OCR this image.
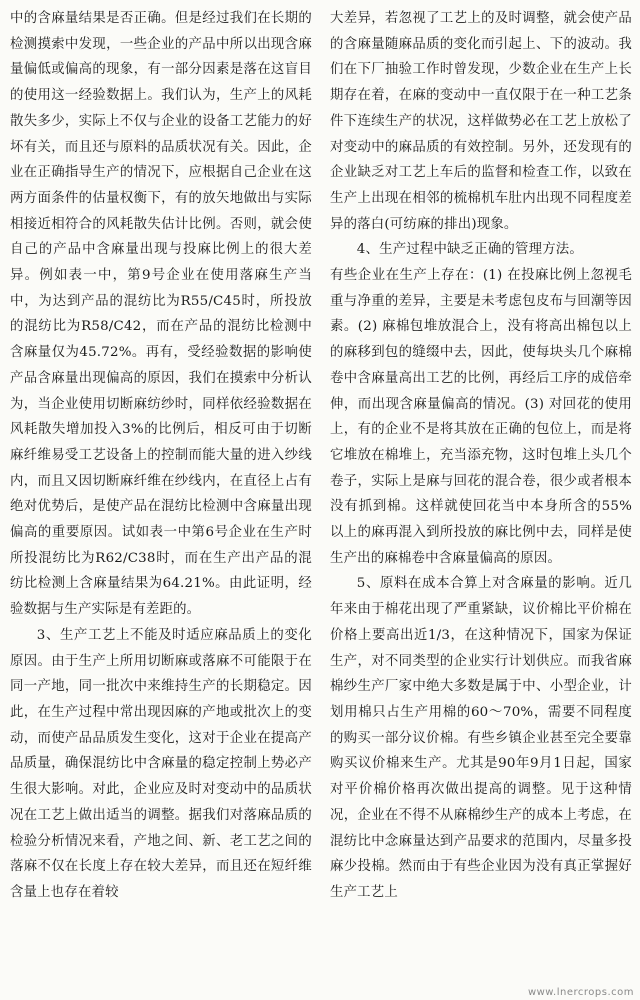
中的含麻量结果是否正确。但是经过我们在长期的检测摸索中发现，一些企业的产品中所以出现含麻量偏低或偏高的现象，有一部分因素是落在这盲目的使用这一经验数据上。我们认为，生产上的风耗散失多少，实际上不仅与企业的设备工艺能力的好坏有关，而且还与原料的品质状况有关。因此，企业在正确指导生产的情况下，应根据自己企业在这两方面条件的估量权衡下，有的放矢地做出与实际相接近相符合的风耗散失估计比例。否则，就会使自己的产品中含麻量出现与投麻比例上的很大差异。例如表一中，第9号企业在使用落麻生产当中，为达到产品的混纺比为R55/C45时，所投放的混纺比为R58/C42，而在产品的混纺比检测中含麻量仅为45.72%。再有，受经验数据的影响使产品含麻量出现偏高的原因，我们在摸索中分析认为，当企业使用切断麻纺纱时，同样依经验数据在风耗散失增加投入3%的比例后，相反可由于切断麻纤维易受工艺设备上的控制而能大量的进入纱线内，而且又因切断麻纤维在纱线内，在直径上占有绝对优势后，是使产品在混纺比检测中含麻量出现偏高的重要原因。试如表一中第6号企业在生产时所投混纺比为R62/C38时，而在生产出产品的混纺比检测上含麻量结果为64.21%。由此证明，经验数据与生产实际是有差距的。

3、生产工艺上不能及时适应麻品质上的变化原因。由于生产上所用切断麻或落麻不可能限于在同一产地，同一批次中来维持生产的长期稳定。因此，在生产过程中常出现因麻的产地或批次上的变动，而使产品品质发生变化，这对于企业在提高产品质量，确保混纺比中含麻量的稳定控制上势必产生很大影响。对此，企业应及时对变动中的品质状况在工艺上做出适当的调整。据我们对落麻品质的检验分析情况来看，产地之间、新、老工艺之间的落麻不仅在长度上存在较大差异，而且还在短纤维含量上也存在着较

大差异，若忽视了工艺上的及时调整，就会使产品的含麻量随麻品质的变化而引起上、下的波动。我们在下厂抽验工作时曾发现，少数企业在生产上长期存在着，在麻的变动中一直仅限于在一种工艺条件下连续生产的状况，这样做势必在工艺上放松了对变动中的麻品质的有效控制。另外，还发现有的企业缺乏对工艺上车后的监督和检查工作，以致在生产上出现在相邻的梳棉机车肚内出现不同程度差异的落白(可纺麻的排出)现象。

4、生产过程中缺乏正确的管理方法。

有些企业在生产上存在：(1) 在投麻比例上忽视毛重与净重的差异，主要是未考虑包皮布与回潮等因素。(2) 麻棉包堆放混合上，没有将高出棉包以上的麻移到包的缝缀中去，因此，使每块头几个麻棉卷中含麻量高出工艺的比例，再经后工序的成倍牵伸，而出现含麻量偏高的情况。(3) 对回花的使用上，有的企业不是将其放在正确的包位上，而是将它堆放在棉堆上，充当添充物，这时包堆上头几个卷子，实际上是麻与回花的混合卷，很少或者根本没有抓到棉。这样就使回花当中本身所含的55%以上的麻再混入到所投放的麻比例中去，同样是使生产出的麻棉卷中含麻量偏高的原因。

5、原料在成本合算上对含麻量的影响。近几年来由于棉花出现了严重紧缺，议价棉比平价棉在价格上要高出近1/3，在这种情况下，国家为保证生产，对不同类型的企业实行计划供应。而我省麻棉纱生产厂家中绝大多数是属于中、小型企业，计划用棉只占生产用棉的60～70%，需要不同程度的购买一部分议价棉。有些乡镇企业甚至完全要靠购买议价棉来生产。尤其是90年9月1日起，国家对平价棉价格再次做出提高的调整。见于这种情况，企业在不得不从麻棉纱生产的成本上考虑，在混纺比中念麻量达到产品要求的范围内，尽量多投麻少投棉。然而由于有些企业因为没有真正掌握好生产工艺上

www.lnercrops.com
